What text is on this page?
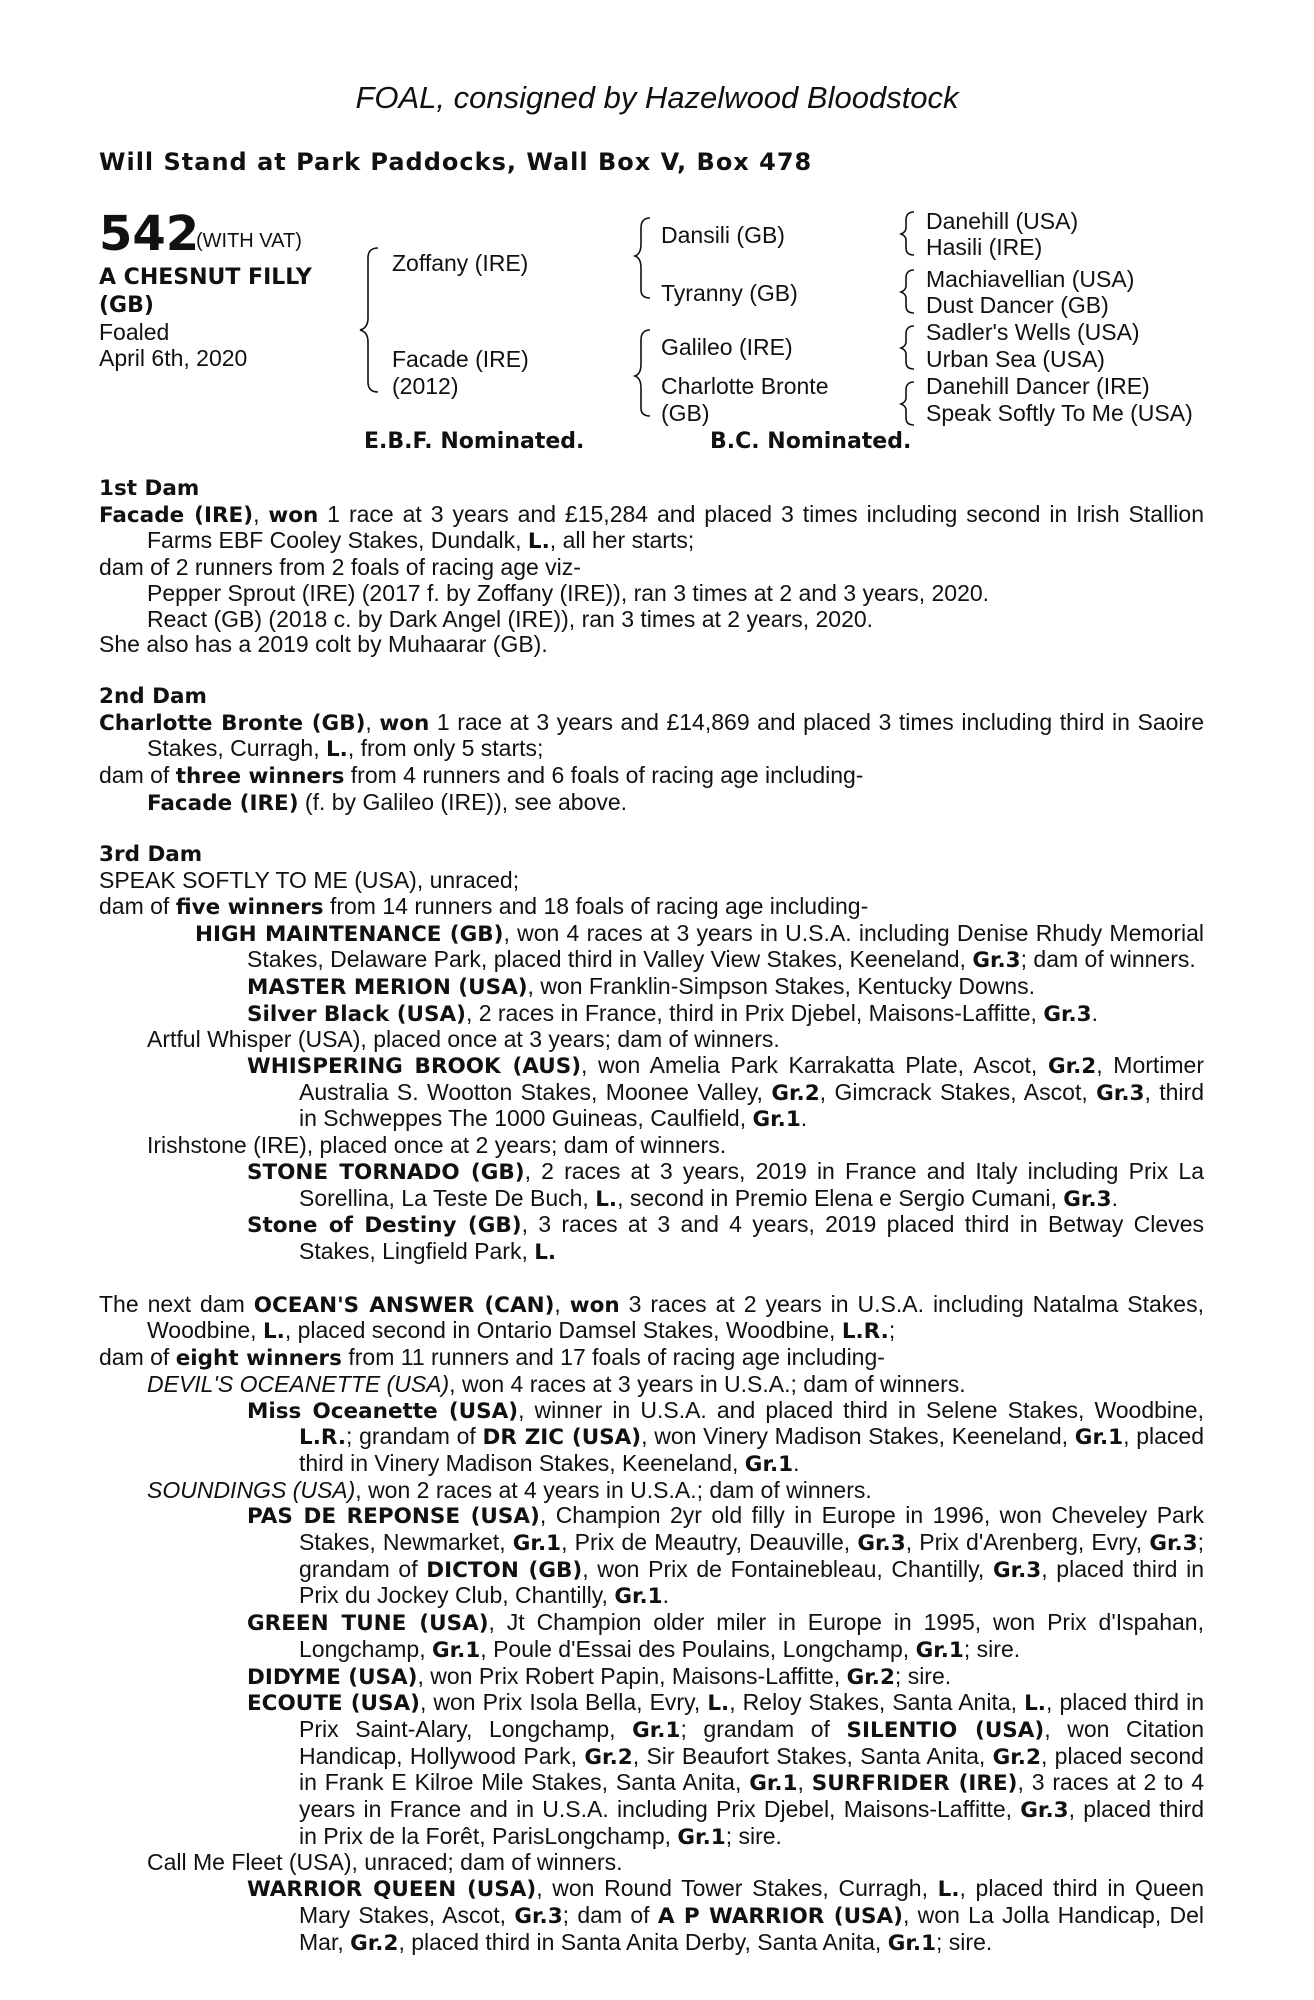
FOAL, consigned by Hazelwood Bloodstock
Will Stand at Park Paddocks, Wall Box V, Box 478
542
(WITH VAT)
A CHESNUT FILLY
(GB)
Foaled
April 6th, 2020
Zoffany (IRE)
Facade (IRE)
(2012)
Dansili (GB)
Tyranny (GB)
Galileo (IRE)
Charlotte Bronte
(GB)
Danehill (USA)
Hasili (IRE)
Machiavellian (USA)
Dust Dancer (GB)
Sadler's Wells (USA)
Urban Sea (USA)
Danehill Dancer (IRE)
Speak Softly To Me (USA)
E.B.F. Nominated.	B.C. Nominated.

1st Dam

Facade (IRE), won 1 race at 3 years and £15,284 and placed 3 times including second in Irish Stallion Farms EBF Cooley Stakes, Dundalk, L., all her starts;

dam of 2 runners from 2 foals of racing age viz-

Pepper Sprout (IRE) (2017 f. by Zoffany (IRE)), ran 3 times at 2 and 3 years, 2020.

React (GB) (2018 c. by Dark Angel (IRE)), ran 3 times at 2 years, 2020.

She also has a 2019 colt by Muhaarar (GB).

2nd Dam

Charlotte Bronte (GB), won 1 race at 3 years and £14,869 and placed 3 times including third in Saoire Stakes, Curragh, L., from only 5 starts;

dam of three winners from 4 runners and 6 foals of racing age including-

Facade (IRE) (f. by Galileo (IRE)), see above.

3rd Dam

SPEAK SOFTLY TO ME (USA), unraced;

dam of five winners from 14 runners and 18 foals of racing age including-

HIGH MAINTENANCE (GB), won 4 races at 3 years in U.S.A. including Denise Rhudy Memorial Stakes, Delaware Park, placed third in Valley View Stakes, Keeneland, Gr.3; dam of winners.

MASTER MERION (USA), won Franklin-Simpson Stakes, Kentucky Downs.

Silver Black (USA), 2 races in France, third in Prix Djebel, Maisons-Laffitte, Gr.3.

Artful Whisper (USA), placed once at 3 years; dam of winners.

WHISPERING BROOK (AUS), won Amelia Park Karrakatta Plate, Ascot, Gr.2, Mortimer Australia S. Wootton Stakes, Moonee Valley, Gr.2, Gimcrack Stakes, Ascot, Gr.3, third in Schweppes The 1000 Guineas, Caulfield, Gr.1.

Irishstone (IRE), placed once at 2 years; dam of winners.

STONE TORNADO (GB), 2 races at 3 years, 2019 in France and Italy including Prix La Sorellina, La Teste De Buch, L., second in Premio Elena e Sergio Cumani, Gr.3.

Stone of Destiny (GB), 3 races at 3 and 4 years, 2019 placed third in Betway Cleves Stakes, Lingfield Park, L.

The next dam OCEAN'S ANSWER (CAN), won 3 races at 2 years in U.S.A. including Natalma Stakes, Woodbine, L., placed second in Ontario Damsel Stakes, Woodbine, L.R.;

dam of eight winners from 11 runners and 17 foals of racing age including-

DEVIL'S OCEANETTE (USA), won 4 races at 3 years in U.S.A.; dam of winners.

Miss Oceanette (USA), winner in U.S.A. and placed third in Selene Stakes, Woodbine, L.R.; grandam of DR ZIC (USA), won Vinery Madison Stakes, Keeneland, Gr.1, placed third in Vinery Madison Stakes, Keeneland, Gr.1.

SOUNDINGS (USA), won 2 races at 4 years in U.S.A.; dam of winners.

PAS DE REPONSE (USA), Champion 2yr old filly in Europe in 1996, won Cheveley Park Stakes, Newmarket, Gr.1, Prix de Meautry, Deauville, Gr.3, Prix d'Arenberg, Evry, Gr.3; grandam of DICTON (GB), won Prix de Fontainebleau, Chantilly, Gr.3, placed third in Prix du Jockey Club, Chantilly, Gr.1.

GREEN TUNE (USA), Jt Champion older miler in Europe in 1995, won Prix d'Ispahan, Longchamp, Gr.1, Poule d'Essai des Poulains, Longchamp, Gr.1; sire.

DIDYME (USA), won Prix Robert Papin, Maisons-Laffitte, Gr.2; sire.

ECOUTE (USA), won Prix Isola Bella, Evry, L., Reloy Stakes, Santa Anita, L., placed third in Prix Saint-Alary, Longchamp, Gr.1; grandam of SILENTIO (USA), won Citation Handicap, Hollywood Park, Gr.2, Sir Beaufort Stakes, Santa Anita, Gr.2, placed second in Frank E Kilroe Mile Stakes, Santa Anita, Gr.1, SURFRIDER (IRE), 3 races at 2 to 4 years in France and in U.S.A. including Prix Djebel, Maisons-Laffitte, Gr.3, placed third in Prix de la Forêt, ParisLongchamp, Gr.1; sire.

Call Me Fleet (USA), unraced; dam of winners.

WARRIOR QUEEN (USA), won Round Tower Stakes, Curragh, L., placed third in Queen Mary Stakes, Ascot, Gr.3; dam of A P WARRIOR (USA), won La Jolla Handicap, Del Mar, Gr.2, placed third in Santa Anita Derby, Santa Anita, Gr.1; sire.
